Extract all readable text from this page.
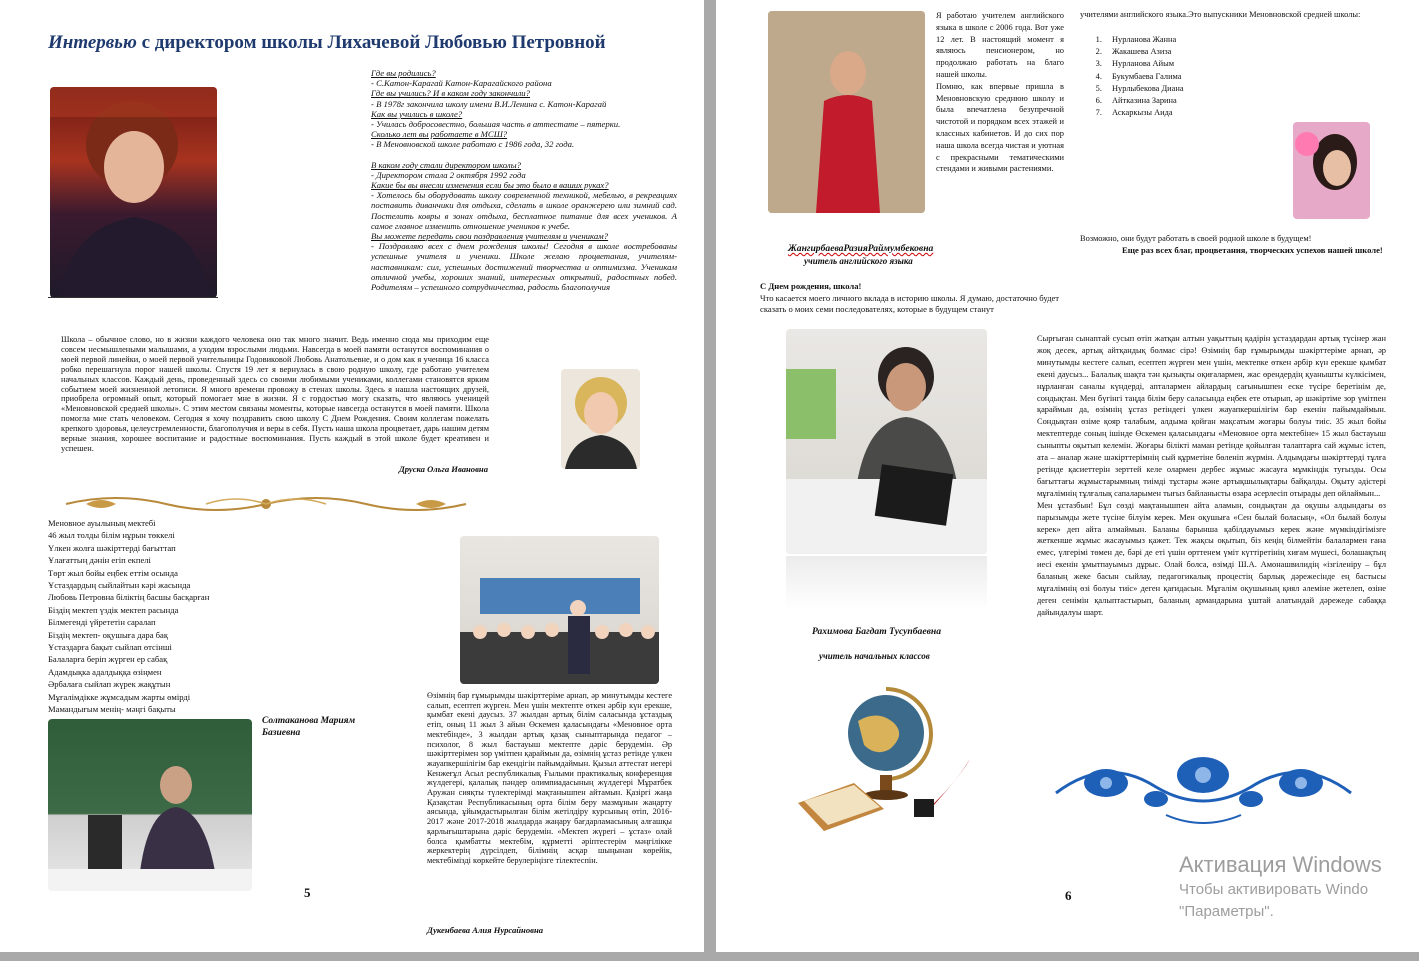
Интервью с директором школы Лихачевой Любовью Петровной

Где вы родились?

- С.Катон-Карагай Катон-Карагайского района

Где вы учились? И в каком году закончили?

- В 1978г закончила школу имени В.И.Ленина с. Катон-Карагай

Как вы учились в школе?

- Училась добросовестно, большая часть в аттестате – пятерки.

Сколько лет вы работаете в МСШ?

- В Меновновской школе работаю с 1986 года, 32 года.

В каком году стали директором школы?

- Директором стала 2 октября 1992 года

Какие бы вы внесли изменения если бы это было в ваших руках?

- Хотелось бы оборудовать школу современной техникой, мебелью, в рекреациях поставить диванчики для отдыха, сделать в школе оранжерею или зимний сад. Постелить ковры в зонах отдыха, бесплатное питание для всех учеников. А самое главное изменить отношение учеников к учебе.

Вы можете передать свои поздравления учителям и ученикам?

- Поздравляю всех с днем рождения школы! Сегодня в школе востребованы успешные учителя и ученики. Школе желаю процветания, учителям-наставникам: сил, успешных достижений творчества и оптимизма. Ученикам отличной учебы, хороших знаний, интересных открытий, радостных побед. Родителям – успешного сотрудничества, радость благополучия

Школа – обычное слово, но в жизни каждого человека оно так много значит. Ведь именно сюда мы приходим еще совсем несмышлеными малышами, а уходим взрослыми людьми. Навсегда в моей памяти останутся воспоминания о моей первой линейки, о моей первой учительницы Годовиковой Любовь Анатольевне, и о дом как я ученица 16 класса робко перешагнула порог нашей школы. Спустя 19 лет я вернулась в свою родную школу, где работаю учителем начальных классов. Каждый день, проведенный здесь со своими любимыми учениками, коллегами становятся ярким событием моей жизненной летописи. Я много времени провожу в стенах школы. Здесь я нашла настоящих друзей, приобрела огромный опыт, который помогает мне в жизни. Я с гордостью могу сказать, что являюсь ученицей «Меновновской средней школы». С этим местом связаны моменты, которые навсегда останутся в моей памяти. Школа помогла мне стать человеком. Сегодня я хочу поздравить свою школу С Днем Рождения. Своим коллегам пожелать крепкого здоровья, целеустремленности, благополучия и веры в себя. Пусть наша школа процветает, дарь нашим детям верные знания, хорошее воспитание и радостные воспоминания. Пусть каждый в этой школе будет креативен и успешен.
Друска Ольга Ивановна
Меновное ауылының мектебі
46 жыл толды білім нұрын төккелі
Үлкен жолға шәкірттерді бағыттап
Ұлағаттың дәнін егіп екпелі
Төрт жыл бойы еңбек еттім осында
Ұстаздардың сыйлайтын кәрі жасында
Любовь Петровна біліктің басшы басқарған
Біздің мектеп үздік мектеп расында
Білмегенді үйрететін саралап
Біздің мектеп- оқушыға дара бақ
Ұстаздарға бақыт сыйлап өтсінші
Балаларға беріп жүрген ер сабақ
Адамдықка адалдыққа өзіңмен
Әрбалаға сыйлап жүрек жақұтын
Мұғалімдікке жұмсадым жарты өмірді
Мамандығым менің- мәңгі бақыты
Солтаканова Мариям
Базиевна
Өзімнің бар ғұмырымды шәкірттеріме арнап, әр минутымды кестеге салып, есептеп жүрген. Мен үшін мектепте өткен әрбір күн ерекше, қымбат екені даусыз. 37 жылдан артық білім саласында ұстаздық етіп, оның 11 жыл 3 айын Өскемен қаласындағы «Меновное орта мектебінде», 3 жылдан артық қазақ сыныптарында педагог – психолог, 8 жыл бастауыш мектепте дәріс берудемін. Әр шәкірттерімен зор үмітпен қараймын да, өзімнің ұстаз ретінде үлкен жауапкершілігім бар екендігін пайымдаймын. Қызыл аттестат иегері Кенжеғұл Асыл республикалық Ғылыми практикалық конференция жүлдегері, қалалық пәндер олимпиадасының жүлдегері Мұратбек Аружан сияқты түлектерімді мақтанышпен айтамын. Қазіргі жаңа Қазақстан Республикасының орта білім беру мазмұнын жаңарту аясында, ұйымдастырылған білім жетілдіру курсының өтіп, 2016-2017 және 2017-2018 жылдарда жаңару бағдарламасының алғашқы қарлығыштарына дәріс берудемін. «Мектеп жүрегі – ұстаз» олай болса қымбатты мектебім, құрметті әріптестерім мәңгілікке жеркектерің дүрсілдеп, білімнің асқар шыңынан көрейік, мектебімізді көркейте берулеріңізге тілектеспін.
Дукенбаева Алия Нурсайновна
5
Я работаю учителем английского языка в школе с 2006 года. Вот уже 12 лет. В настоящий момент я являюсь пенсионером, но продолжаю работать на благо нашей школы.
Помню, как впервые пришла в Меновновскую среднюю школу и была впечатлена безупречной чистотой и порядком всех этажей и классных кабинетов. И до сих пор наша школа всегда чистая и уютная с прекрасными тематическими стендами и живыми растениями.
учителями английского языка.Это выпускники Меновновской средней школы:
1. Нурланова Жанна
2. Жакашева Азиза
3. Нурланова Айым
4. Букумбаева Галима
5. Нурлыбекова Диана
6. Айтказина Зарина
7. Аскаркызы Аида
Возможно, они будут работать в своей родной школе в будущем!
Еще раз всех благ, процветания, творческих успехов нашей школе!
ЖангирбаеваРазияРаймумбековна
учитель английского языка
С Днем рождения, школа!
Что касается моего личного вклада в историю школы. Я думаю, достаточно будет сказать о моих семи последователях, которые в будущем станут
Рахимова Багдат Тусупбаевна
учитель начальных классов
Сырғыған сынаптай сусып өтіп жатқан алтын уақыттың қадірін ұстаздардан артық түсінер жан жоқ десек, артық айтқандық болмас сірә! Өзімнің бар ғұмырымды шәкірттеріме арнап, әр минутымды кестеге салып, есептеп жүрген мен үшін, мектепке өткен әрбір күн ерекше қымбат екені даусыз... Балалық шақта тән қызықты оқиғалармен, жас өрендердің қуанышты күлкісімен, нұрланған саналы күндерді, апталармен айлардың сағынышпен еске түсіре беретінім де, сондықтан. Мен бүгінгі таңда білім беру саласында еңбек ете отырып, әр шәкіртіме зор үмітпен қараймын да, өзімнің ұстаз ретіндегі үлкен жауапкершілігім бар екенін пайымдаймын. Сондықтан өзіме қояр талабым, алдыма қойған мақсатым жоғары болуы тиіс. 35 жыл бойы мектептерде соның ішінде Өскемен қаласындағы «Меновное орта мектебіне» 15 жыл бастауыш сыныпты оқытып келемін. Жоғары білікті маман ретінде қойылған талаптарға сай жұмыс істеп, ата – аналар және шәкірттерімнің сый құрметіне бөленіп жүрмін. Алдымдағы шәкірттерді тұлға ретінде қасиеттерін зерттей келе олармен дербес жұмыс жасауға мұмкіндік туғызды. Осы бағыттағы жұмыстарымның тиімді тұстары және артықшылықтары байқалды. Оқыту әдістері мұғалімнің тұлғалық сапаларымен тығыз байланысты өзара әсерлесіп отырады деп ойлаймын...
Мен ұстазбын! Бұл сөзді мақтанышпен айта аламын, сондықтан да оқушы алдындағы өз парызымды жете түсіне білуім керек. Мен оқушыға «Сен былай боласың», «Ол былай болуы керек» деп айта алмаймын. Баланы барынша қабілдауымыз керек және мүмкіндігімізге жеткенше жұмыс жасауымыз қажет. Тек жақсы оқытып, біз кеңің білмейтін балалармен ғана емес, үлгерімі төмен де, бәрі де еті үшін өрттенем үміт күттіретінің хиғам мүшесі, болашақтың иесі екенін ұмытпауымыз дұрыс. Олай болса, өзімді Ш.А. Амонашвилидің «ізгіленіру – бұл баланың жеке басын сыйлау, педагогикалық процестің барлық дәрежесінде ең бастысы мұғалімнің өзі болуы тиіс» деген қағидасын. Мұғалім оқушының қиял әлеміне жетелеп, өзіне деген сенімін қалыптастырып, баланың армандарына ұштай алатындай дәрежеде сабаққа дайындалуы шарт.
6
Активация Windows
Чтобы активировать Windo
"Параметры".
